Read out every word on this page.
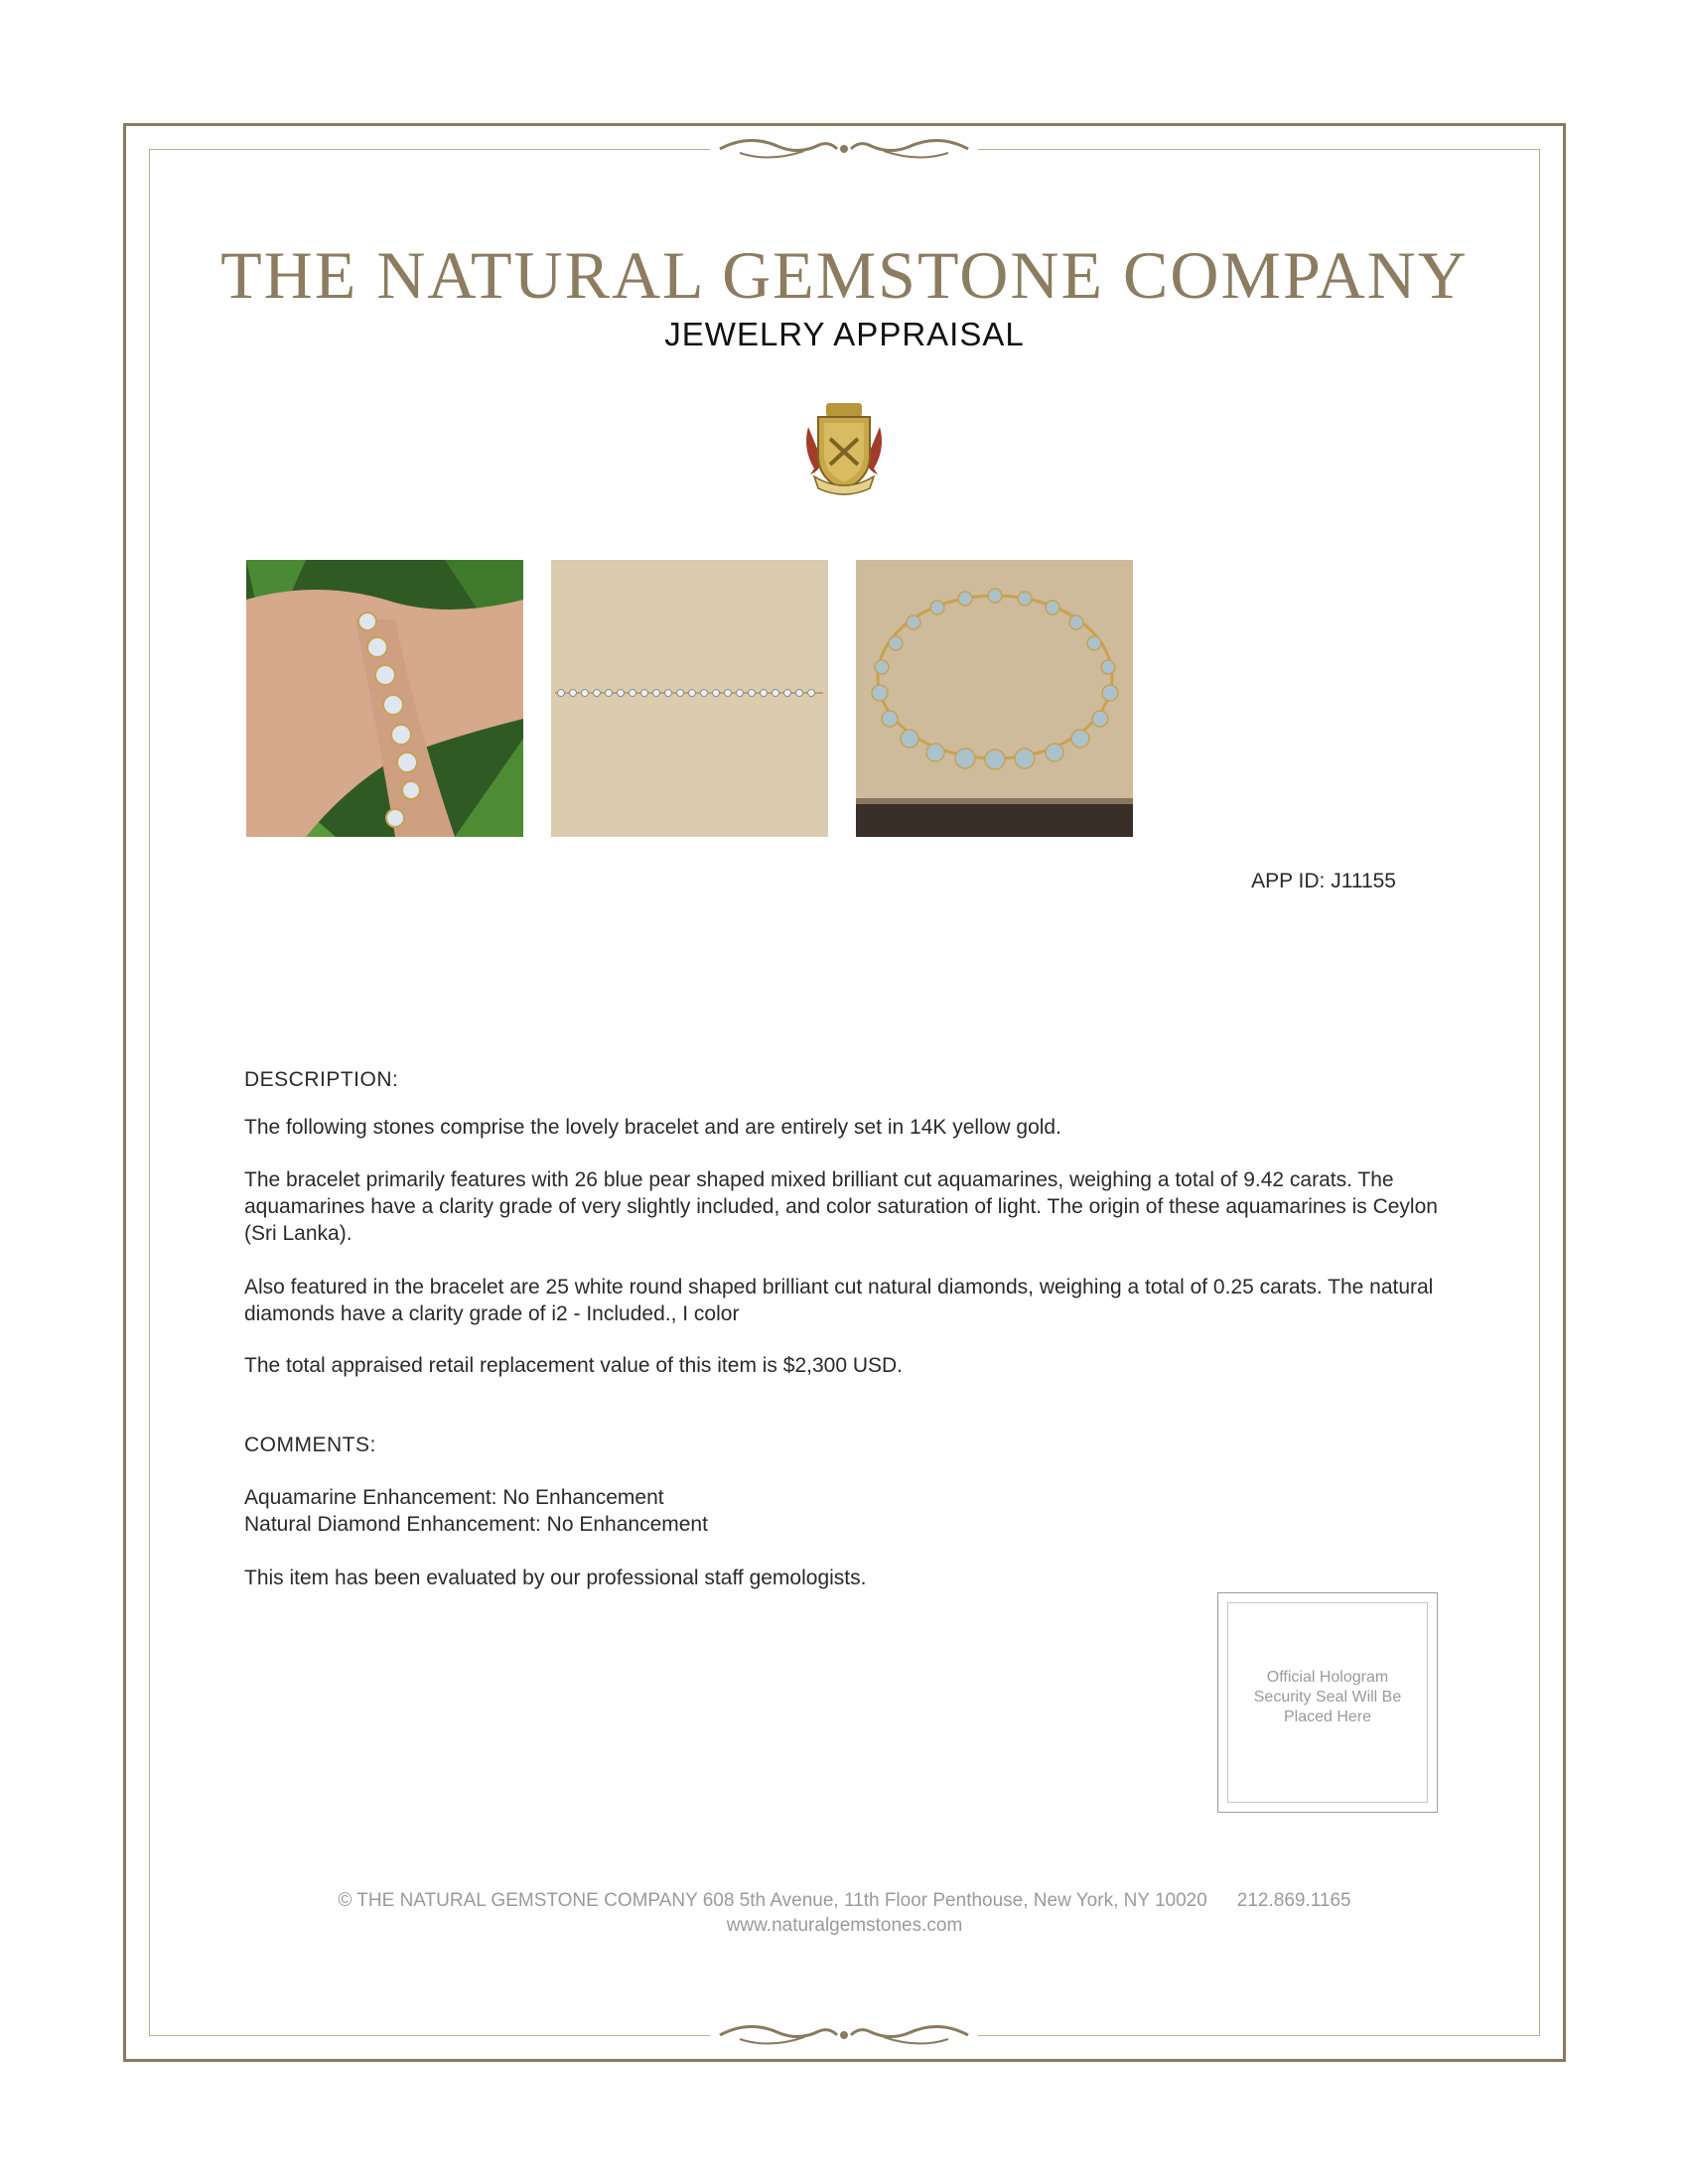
THE NATURAL GEMSTONE COMPANY
JEWELRY APPRAISAL
APP ID: J11155
DESCRIPTION:
The following stones comprise the lovely bracelet and are entirely set in 14K yellow gold.
The bracelet primarily features with 26 blue pear shaped mixed brilliant cut aquamarines, weighing a total of 9.42 carats. The aquamarines have a clarity grade of very slightly included, and color saturation of light. The origin of these aquamarines is Ceylon (Sri Lanka).
Also featured in the bracelet are 25 white round shaped brilliant cut natural diamonds, weighing a total of 0.25 carats. The natural diamonds have a clarity grade of i2 - Included., I color
The total appraised retail replacement value of this item is $2,300 USD.
COMMENTS:
Aquamarine Enhancement: No Enhancement
Natural Diamond Enhancement: No Enhancement
This item has been evaluated by our professional staff gemologists.
Official Hologram Security Seal Will Be Placed Here
© THE NATURAL GEMSTONE COMPANY 608 5th Avenue, 11th Floor Penthouse, New York, NY 10020 212.869.1165
www.naturalgemstones.com
